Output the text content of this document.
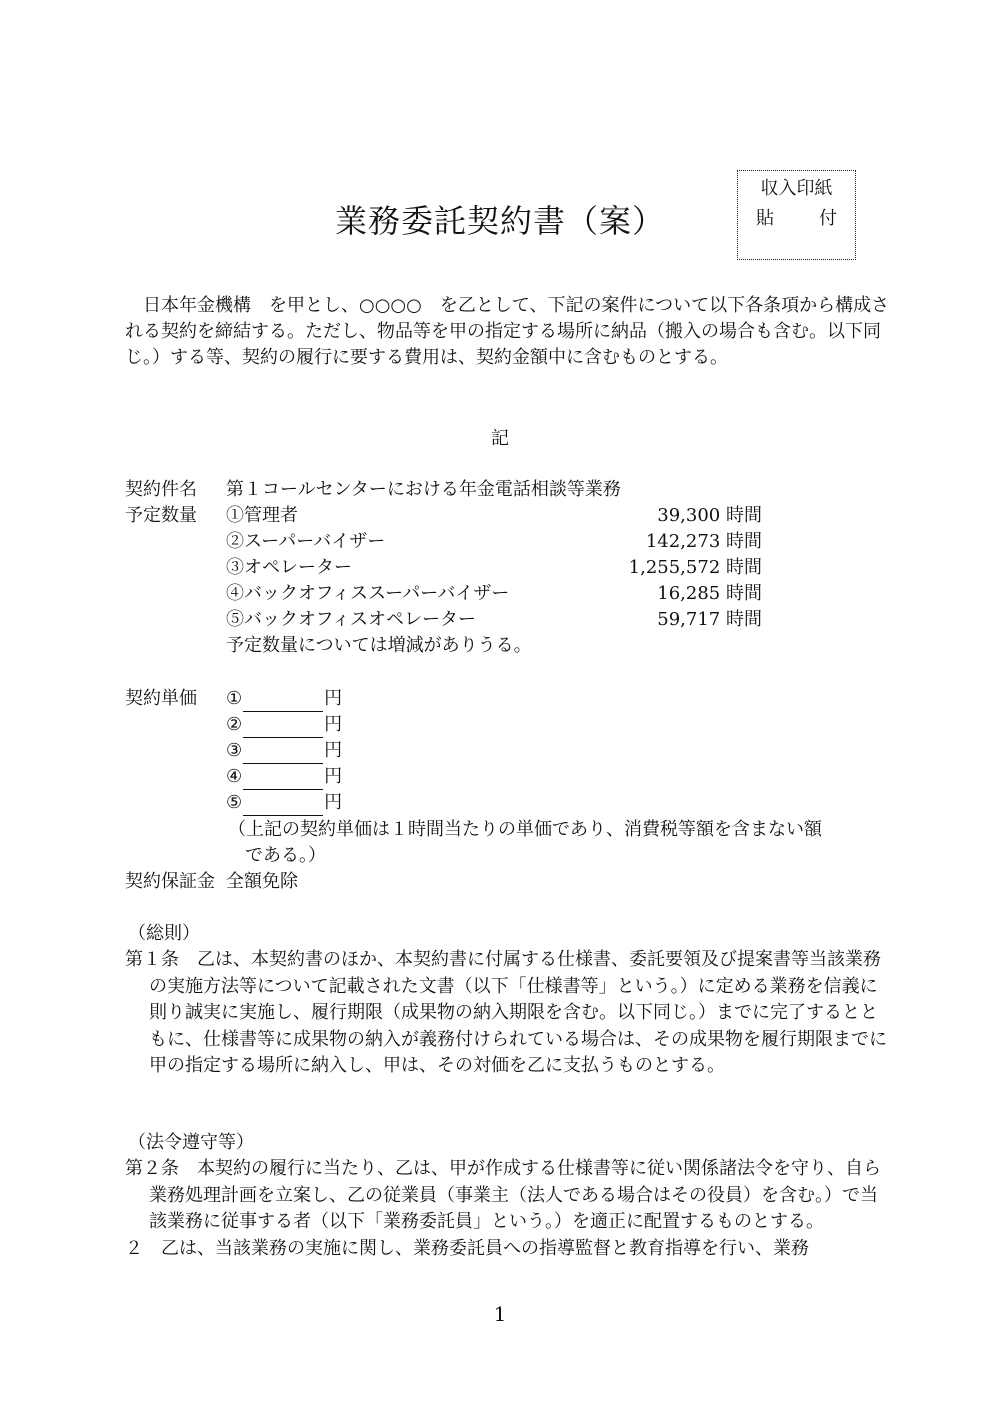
業務委託契約書（案）
収入印紙
貼	付
　日本年金機構　を甲とし、○○○○　を乙として、下記の案件について以下各条項から構成される契約を締結する。ただし、物品等を甲の指定する場所に納品（搬入の場合も含む。以下同じ。）する等、契約の履行に要する費用は、契約金額中に含むものとする。
記
契約件名 第１コールセンターにおける年金電話相談等業務
予定数量 ①管理者	39,300 時間
②スーパーバイザー	142,273 時間
③オペレーター	1,255,572 時間
④バックオフィススーパーバイザー	16,285 時間
⑤バックオフィスオペレーター	59,717 時間
予定数量については増減がありうる。
契約単価 ①	円
②	円
③	円
④	円
⑤	円
（上記の契約単価は１時間当たりの単価であり、消費税等額を含まない額
である。）
契約保証金 全額免除
（総則）

第１条　乙は、本契約書のほか、本契約書に付属する仕様書、委託要領及び提案書等当該業務の実施方法等について記載された文書（以下「仕様書等」という。）に定める業務を信義に則り誠実に実施し、履行期限（成果物の納入期限を含む。以下同じ。）までに完了するとともに、仕様書等に成果物の納入が義務付けられている場合は、その成果物を履行期限までに甲の指定する場所に納入し、甲は、その対価を乙に支払うものとする。

（法令遵守等）

第２条　本契約の履行に当たり、乙は、甲が作成する仕様書等に従い関係諸法令を守り、自ら業務処理計画を立案し、乙の従業員（事業主（法人である場合はその役員）を含む。）で当該業務に従事する者（以下「業務委託員」という。）を適正に配置するものとする。

２　乙は、当該業務の実施に関し、業務委託員への指導監督と教育指導を行い、業務

1
